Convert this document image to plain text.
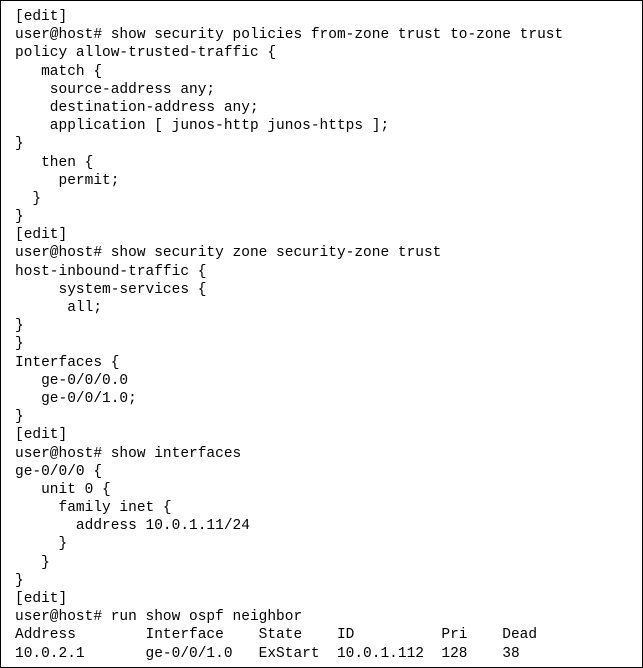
[edit]
user@host# show security policies from-zone trust to-zone trust
policy allow-trusted-traffic {
match {
source-address any;
destination-address any;
application [ junos-http junos-https ];
}
then {
permit;
}
}
[edit]
user@host# show security zone security-zone trust
host-inbound-traffic {
system-services {
all;
}
}
Interfaces {
ge-0/0/0.0
ge-0/0/1.0;
}
[edit]
user@host# show interfaces
ge-0/0/0 {
unit 0 {
family inet {
address 10.0.1.11/24
}
}
}
[edit]
user@host# run show ospf neighbor
Address        Interface    State    ID          Pri    Dead
10.0.2.1       ge-0/0/1.0   ExStart  10.0.1.112  128    38
